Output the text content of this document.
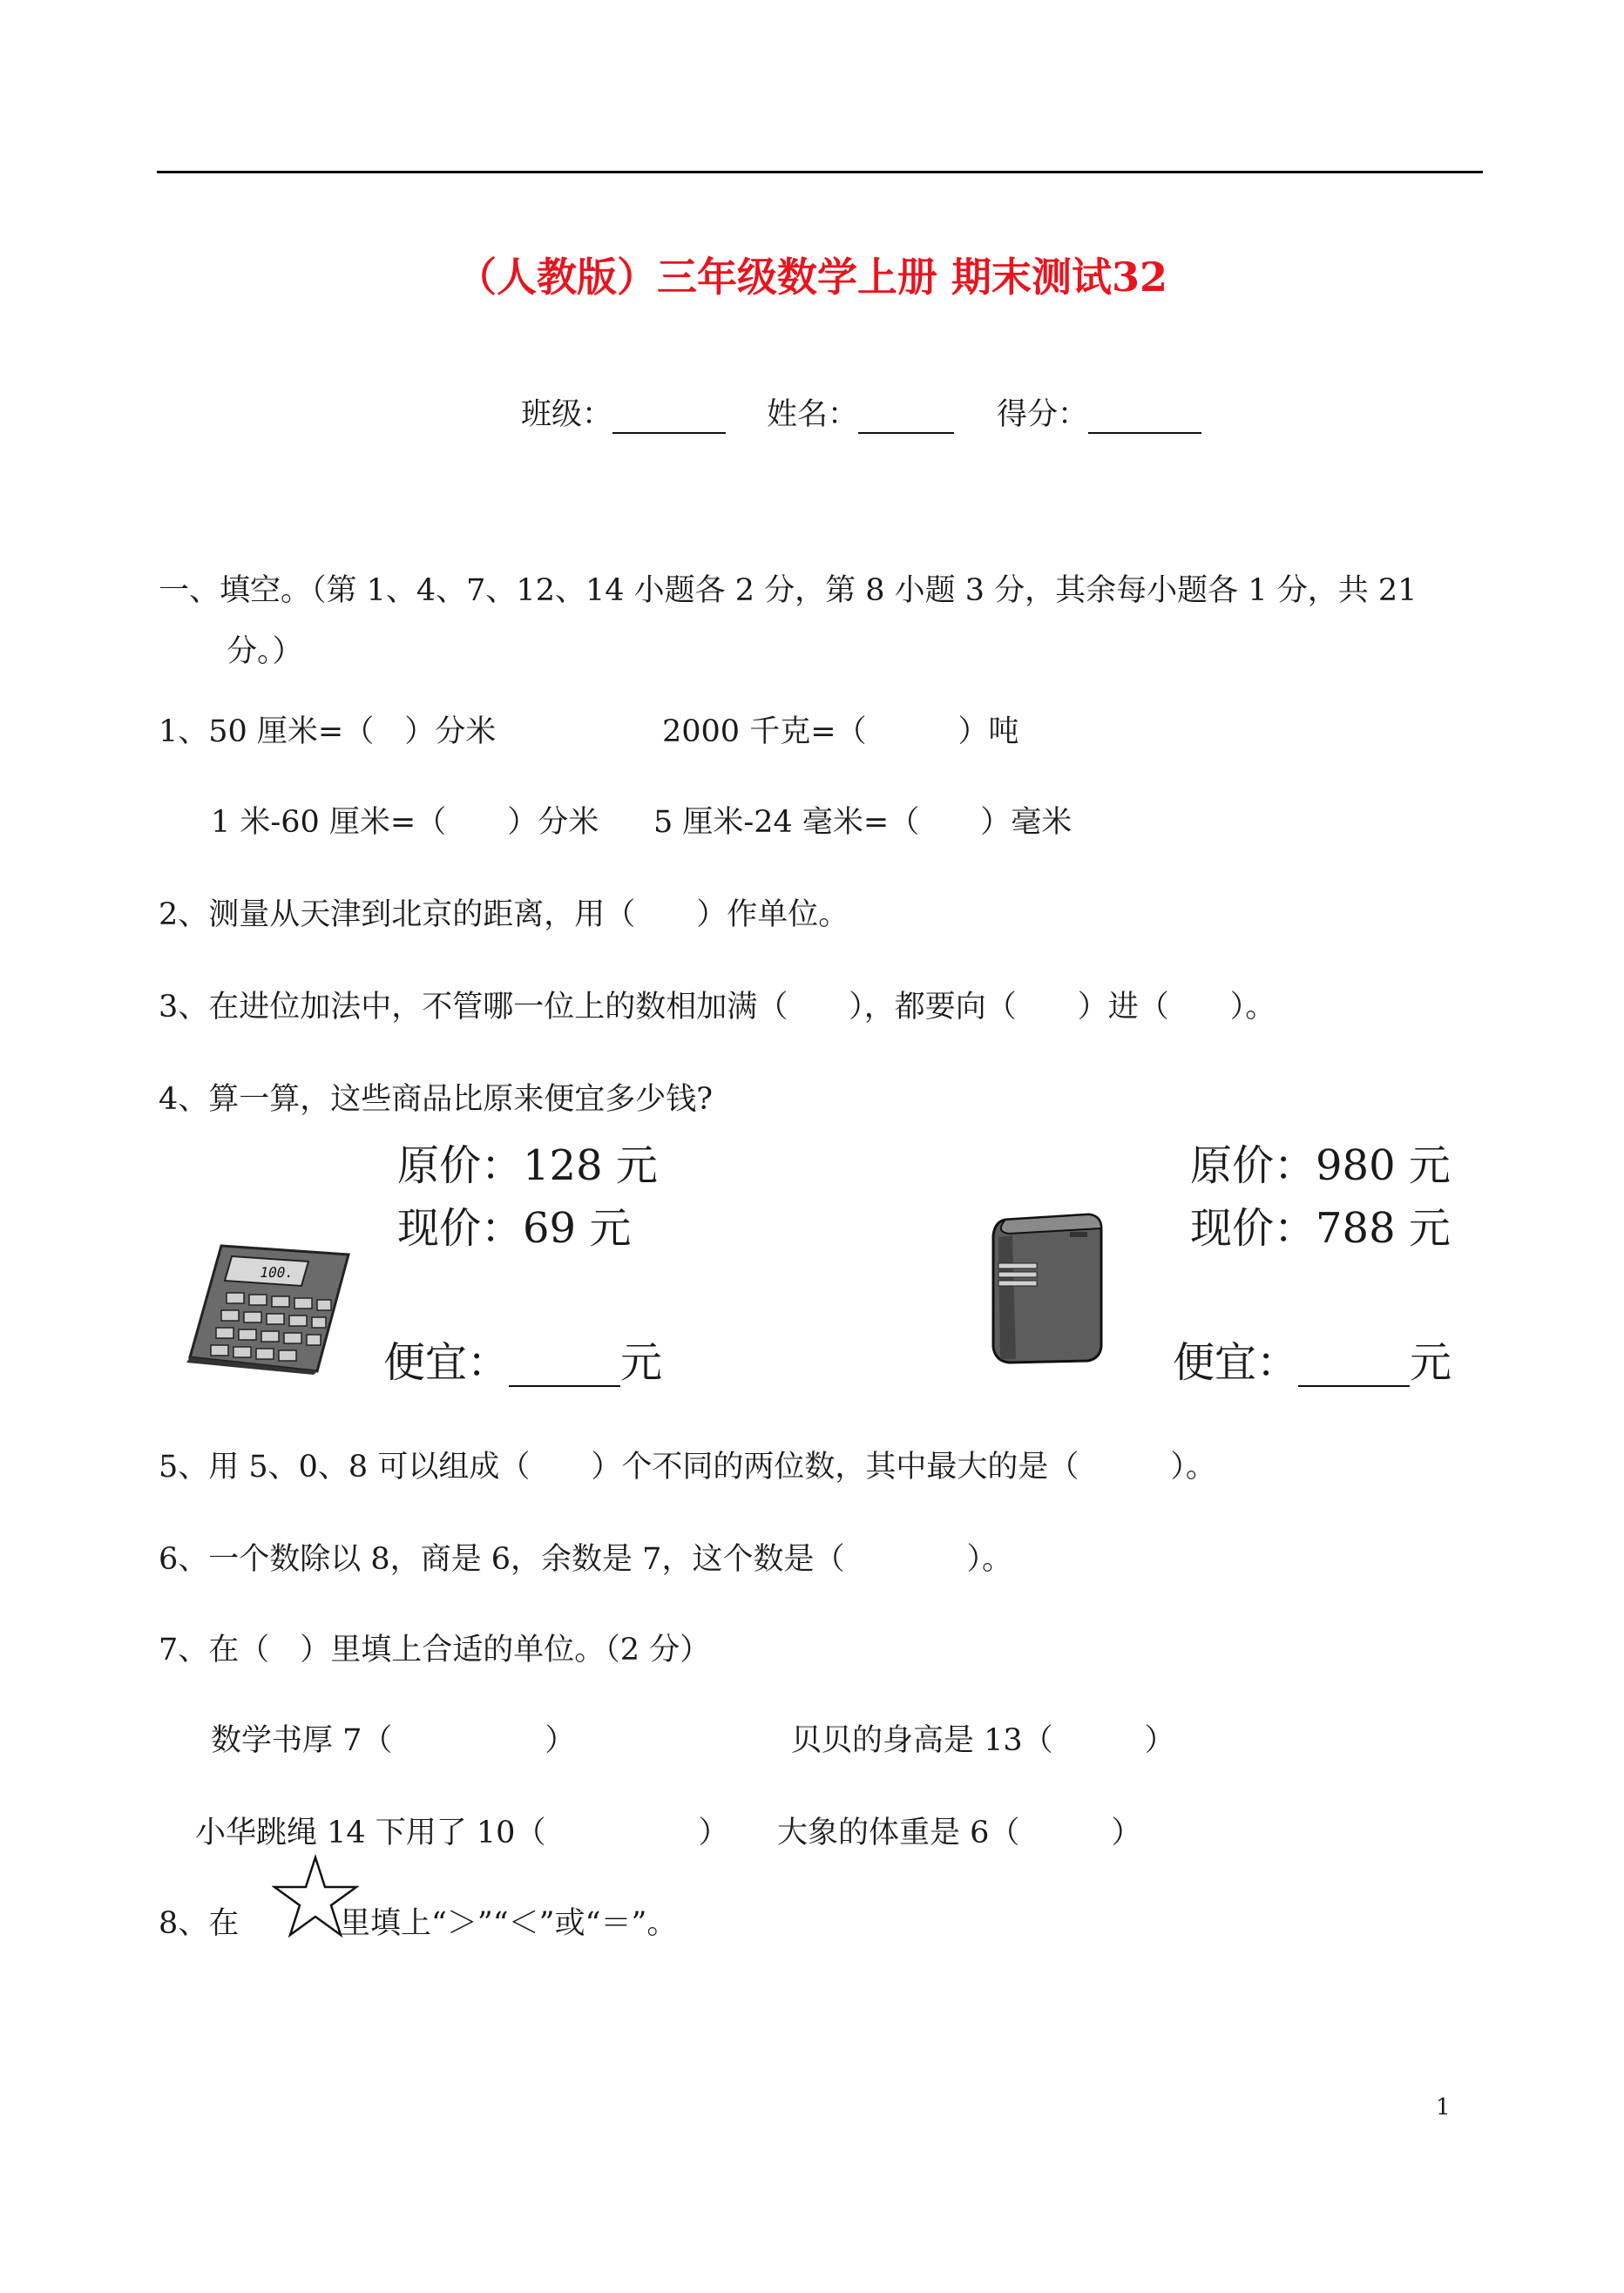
（人教版）三年级数学上册 期末测试32
班级：	姓名：	得分：
一、填空。（第 1、4、7、12、14 小题各 2 分，第 8 小题 3 分，其余每小题各 1 分，共 21
分。）
1、50 厘米=（　）分米	2000 千克=（　　　）吨
1 米-60 厘米=（　　）分米 5 厘米-24 毫米=（　　）毫米
2、测量从天津到北京的距离，用（　　）作单位。
3、在进位加法中，不管哪一位上的数相加满（　　），都要向（　　）进（　　）。
4、算一算，这些商品比原来便宜多少钱?
原价：128 元
现价：69 元
100.
便宜：	元
原价：980 元
现价：788 元
便宜：	元
5、用 5、0、8 可以组成（　　）个不同的两位数，其中最大的是（　　　）。
6、一个数除以 8，商是 6，余数是 7，这个数是（　　　　）。
7、在（　）里填上合适的单位。（2 分）
数学书厚 7（　　　　　）	贝贝的身高是 13（　　　）
小华跳绳 14 下用了 10（　　　　　） 大象的体重是 6（　　　）
8、在	里填上“＞”“＜”或“＝”。
1
